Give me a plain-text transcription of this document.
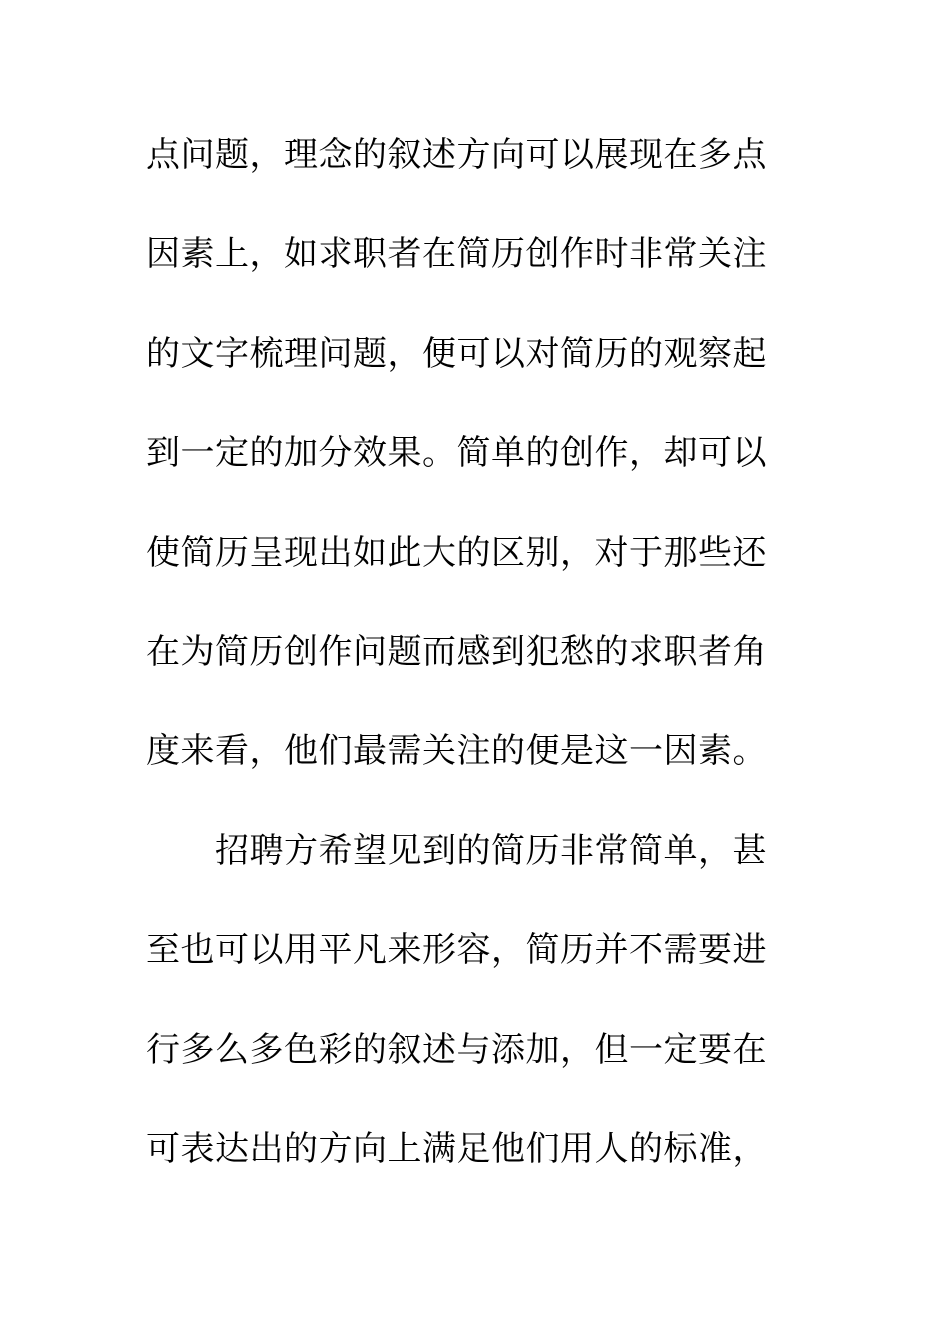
点问题，理念的叙述方向可以展现在多点
因素上，如求职者在简历创作时非常关注
的文字梳理问题，便可以对简历的观察起
到一定的加分效果。简单的创作，却可以
使简历呈现出如此大的区别，对于那些还
在为简历创作问题而感到犯愁的求职者角
度来看，他们最需关注的便是这一因素。
招聘方希望见到的简历非常简单，甚
至也可以用平凡来形容，简历并不需要进
行多么多色彩的叙述与添加，但一定要在
可表达出的方向上满足他们用人的标准，
